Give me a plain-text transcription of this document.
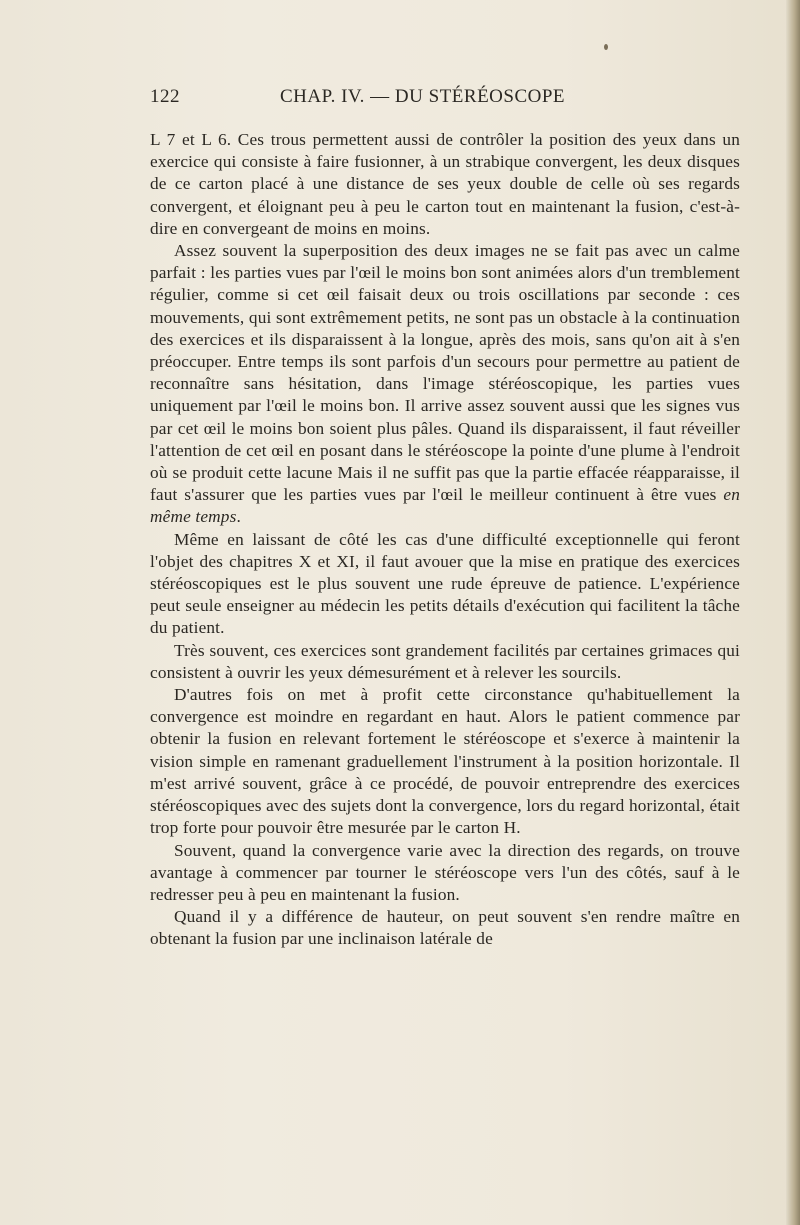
122	CHAP. IV. — DU STÉRÉOSCOPE

L 7 et L 6. Ces trous permettent aussi de contrôler la position des yeux dans un exercice qui consiste à faire fusionner, à un strabique convergent, les deux disques de ce carton placé à une distance de ses yeux double de celle où ses regards convergent, et éloignant peu à peu le carton tout en maintenant la fusion, c'est-à-dire en convergeant de moins en moins.

Assez souvent la superposition des deux images ne se fait pas avec un calme parfait : les parties vues par l'œil le moins bon sont animées alors d'un tremblement régulier, comme si cet œil faisait deux ou trois oscillations par seconde : ces mouvements, qui sont extrêmement petits, ne sont pas un obstacle à la continuation des exercices et ils disparaissent à la longue, après des mois, sans qu'on ait à s'en préoccuper. Entre temps ils sont parfois d'un secours pour permettre au patient de reconnaître sans hésitation, dans l'image stéréoscopique, les parties vues uniquement par l'œil le moins bon. Il arrive assez souvent aussi que les signes vus par cet œil le moins bon soient plus pâles. Quand ils disparaissent, il faut réveiller l'attention de cet œil en posant dans le stéréoscope la pointe d'une plume à l'endroit où se produit cette lacune Mais il ne suffit pas que la partie effacée réapparaisse, il faut s'assurer que les parties vues par l'œil le meilleur continuent à être vues en même temps.

Même en laissant de côté les cas d'une difficulté exceptionnelle qui feront l'objet des chapitres X et XI, il faut avouer que la mise en pratique des exercices stéréoscopiques est le plus souvent une rude épreuve de patience. L'expérience peut seule enseigner au médecin les petits détails d'exécution qui facilitent la tâche du patient.

Très souvent, ces exercices sont grandement facilités par certaines grimaces qui consistent à ouvrir les yeux démesurément et à relever les sourcils.

D'autres fois on met à profit cette circonstance qu'habituellement la convergence est moindre en regardant en haut. Alors le patient commence par obtenir la fusion en relevant fortement le stéréoscope et s'exerce à maintenir la vision simple en ramenant graduellement l'instrument à la position horizontale. Il m'est arrivé souvent, grâce à ce procédé, de pouvoir entreprendre des exercices stéréoscopiques avec des sujets dont la convergence, lors du regard horizontal, était trop forte pour pouvoir être mesurée par le carton H.

Souvent, quand la convergence varie avec la direction des regards, on trouve avantage à commencer par tourner le stéréoscope vers l'un des côtés, sauf à le redresser peu à peu en maintenant la fusion.

Quand il y a différence de hauteur, on peut souvent s'en rendre maître en obtenant la fusion par une inclinaison latérale de
